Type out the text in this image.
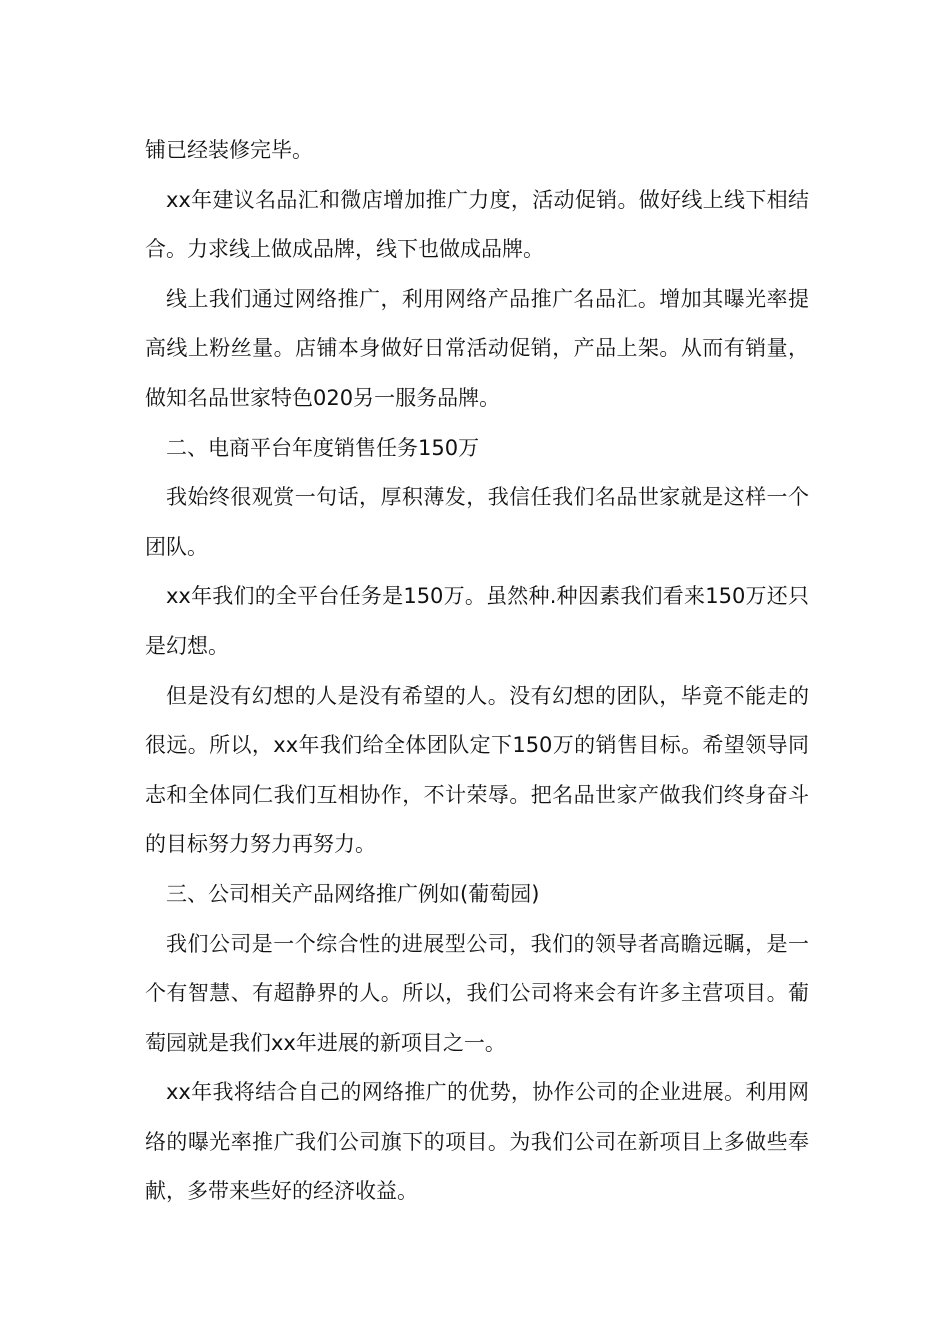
铺已经装修完毕。

xx年建议名品汇和微店增加推广力度，活动促销。做好线上线下相结合。力求线上做成品牌，线下也做成品牌。

线上我们通过网络推广，利用网络产品推广名品汇。增加其曝光率提高线上粉丝量。店铺本身做好日常活动促销，产品上架。从而有销量，做知名品世家特色020另一服务品牌。

二、电商平台年度销售任务150万

我始终很观赏一句话，厚积薄发，我信任我们名品世家就是这样一个团队。

xx年我们的全平台任务是150万。虽然种.种因素我们看来150万还只是幻想。

但是没有幻想的人是没有希望的人。没有幻想的团队，毕竟不能走的很远。所以，xx年我们给全体团队定下150万的销售目标。希望领导同志和全体同仁我们互相协作，不计荣辱。把名品世家产做我们终身奋斗的目标努力努力再努力。

三、公司相关产品网络推广例如(葡萄园)

我们公司是一个综合性的进展型公司，我们的领导者高瞻远瞩，是一个有智慧、有超静界的人。所以，我们公司将来会有许多主营项目。葡萄园就是我们xx年进展的新项目之一。

xx年我将结合自己的网络推广的优势，协作公司的企业进展。利用网络的曝光率推广我们公司旗下的项目。为我们公司在新项目上多做些奉献，多带来些好的经济收益。
